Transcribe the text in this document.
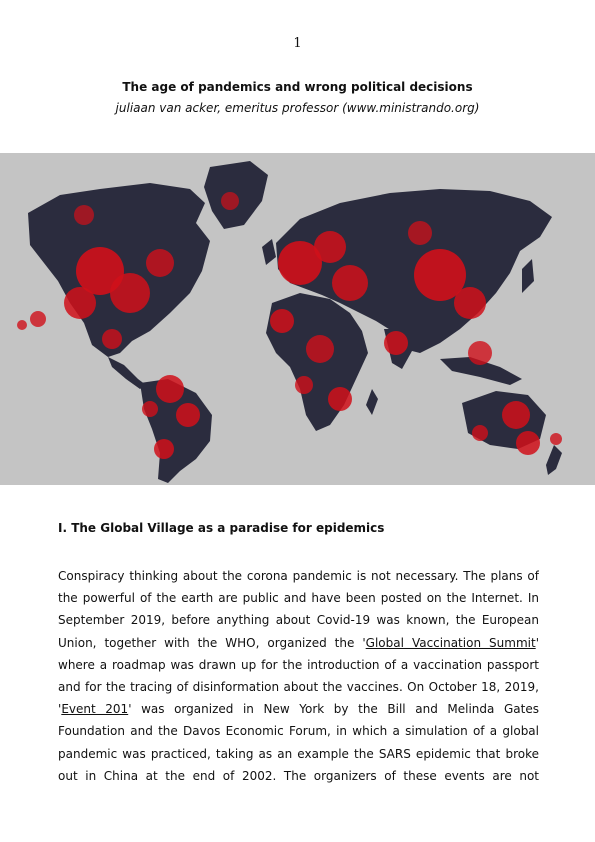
1
The age of pandemics and wrong political decisions
juliaan van acker, emeritus professor (www.ministrando.org)
I. The Global Village as a paradise for epidemics
Conspiracy thinking about the corona pandemic is not necessary. The plans of
the powerful of the earth are public and have been posted on the Internet. In
September 2019, before anything about Covid-19 was known, the European
Union, together with the WHO, organized the 'Global Vaccination Summit'
where a roadmap was drawn up for the introduction of a vaccination passport
and for the tracing of disinformation about the vaccines. On October 18, 2019,
'Event 201' was organized in New York by the Bill and Melinda Gates
Foundation and the Davos Economic Forum, in which a simulation of a global
pandemic was practiced, taking as an example the SARS epidemic that broke
out in China at the end of 2002. The organizers of these events are not
